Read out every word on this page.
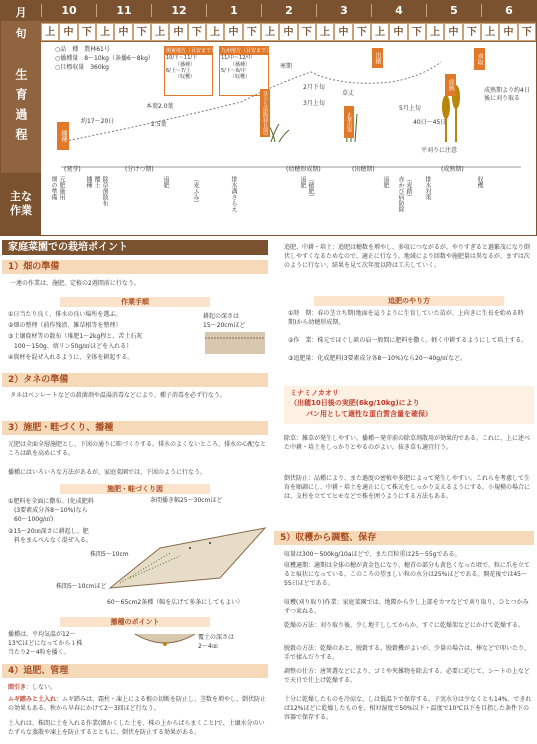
月
旬
10
上 中 下
11
上 中 下
12
上 中 下
1
上 中 下
2
上 中 下
3
上 中 下
4
上 中 下
5
上 中 下
6
上 中 下
生育過程
主な作業
○品　種　農林61号
○播種量　8～10kg（条播6～8kg）
○目標収量　360kg
関東地方（目安まで）
10/下～11/下
（播種）
6/上～7/上
（収穫）
九州地方（目安まで）
11/中～12/中
（播種）
5/下～6/中
（収穫）
播種
約17～20日
本葉2.0葉
2.5葉
寒期
茎立ち(節間伸長期)
2月下旬
3月上旬
草丈
止葉出現
出穂
5月上旬
40日～45日
成熟
刈取
成熟期より約4日後に刈り取る
平刈りに注意
(発芽)	(分けつ期)	(幼穂形成期)	(出穂期)	(成熟期)
畑の準備 元肥施用	播種 覆土 除草剤散布	追肥	（麦ふみ）	排水溝さらえ	追肥 （穂肥）	追肥 赤かび病防除 （麦踏） 排水対策	収穫
家庭菜園での栽培ポイント
1）畑の準備
一連の作業は、施肥、定植の2週間前に行なう。
作業手順
①日当たり良く、排水の良い場所を選ぶ。
②畑の整理（前作残渣、雑草根等を整理）
③土壌資材等の散布（堆肥1～2kg程と、苦土石灰
100～150g、熔リン50g/㎡ほどを入れる）
④資材を混ぜ入れるように、全体を耕起する。
耕起の深さは
15～20cmほど
2）タネの準備
タネはベンレートなどの殺菌剤や温湯消毒などにより、種子消毒を必ず行なう。
3）施肥・畦づくり、播種
元肥は全面全層施肥とし、下図の通りに畦づくりする。排水のよくないところ、排水の心配なところは畝を高めにする。
播種にはいろいろな方法があるが、家庭菜園では、下図のように行なう。
施肥・畦づくり図
①肥料を全面に撒布。(化成肥料
(3要素成分各8～10%)なら
60～100g/㎡)
②15～20㎝深さに耕起し、肥
料をまんべんなく混ぜ入る。
条間播き幅25～30cmほど
株間5～10cm
株間5～10cmほど
60～65cm2条種（幅を広げて多条にしてもよい）
播種のポイント
播種は、平均気温が12～
13℃ほどになってから１株
当たり2～4粒を播く。
覆土の深さは
2～4㎝
4）追肥、管理
間引き：しない。
ムギ踏みと土入れ：ムギ踏みは、霜柱・凍上による根の切断を防止し、茎数を増やし、倒伏防止の効果もある。秋から早春にかけて2～3回ほど行なう。
土入れは、株間に土を入れる作業(細かくした土を、株の上からばらまくこと)で、土壌水分のいたずらな蒸散や凍上を防止するとともに、倒伏を防止する効果がある。
追肥、中耕・培土：追肥は穂数を増やし、多収につながるが、やりすぎると過繁茂になり倒伏しやすくなるためなので、適正に行なう。地域により回数や施肥量は異なるが、まずは次のように行ない、結果を見て次年度以降は工夫していく。
追肥のやり方
①時　期：春の茎立ち期(地面を這うように生育していた苗が、上向きに生長を始める時期)から幼穂形成期。
②作　業：株元でほぐし畝の肩一般間に肥料を撒く。軽く中耕するようにして培土する。
③追肥量：化成肥料(3要素成分各8～10%)なら20～40g/㎡など。
ミナミノカオリ
（出穂10日後の実肥(6kg/10kg)により
パン用として適性な蛋白質含量を確保）
除草：雑草が発生しやすい。播種～発芽前の除草剤散用が効果的である。これに、上に述べた中耕・培土をしっかりとやるのがよい。抜き草も適宜行う。
倒伏防止：品種により、また過度の密植や多肥によって発生しやすい。これらを考慮して生育を順調にし、中耕・培土を適正にして株元をしっかり支えるようにする。小規模の場合には、支柱を立ててヒモなどで株を囲うようにする方法もある。
5）収穫から調整、保存
収量は300～500kg/10aほどで、また百粒重は25～55gである。
収穫適期：適期は全体の穂が黄金色になり、穂首の部分も黄色くなった頃で、粒に爪を立てると痕状になっている。このころの望ましい粒の水分は25%ほどである。開花後では45～55日ほどである。
収穫(刈り取り)作業：家庭菜園では、地際から少し上部をカマなどで刈り取り、ひとつかみずつ束ねる。
乾燥の方法：刈り取り後、少し地干ししてからか、すぐに乾燥架などにかけて乾燥する。
脱穀の方法：乾燥のあと、脱穀する。脱穀機がよいが、少量の場合は、棒などで叩いたり、手で揉んだりする。
調整の仕方：唐箕選などにより、ゴミや夾雑物を除去する。必要に応じて、シートの上などで天日で仕上げ乾燥する。
十分に乾燥したものを冷涼な、しは低温下で保存する。子実水分は少なくとも14%、できれば12%ほどに乾燥したものを、相対湿度で50%以下・温度で10℃以下を目指した条件下の容器で保存する。
